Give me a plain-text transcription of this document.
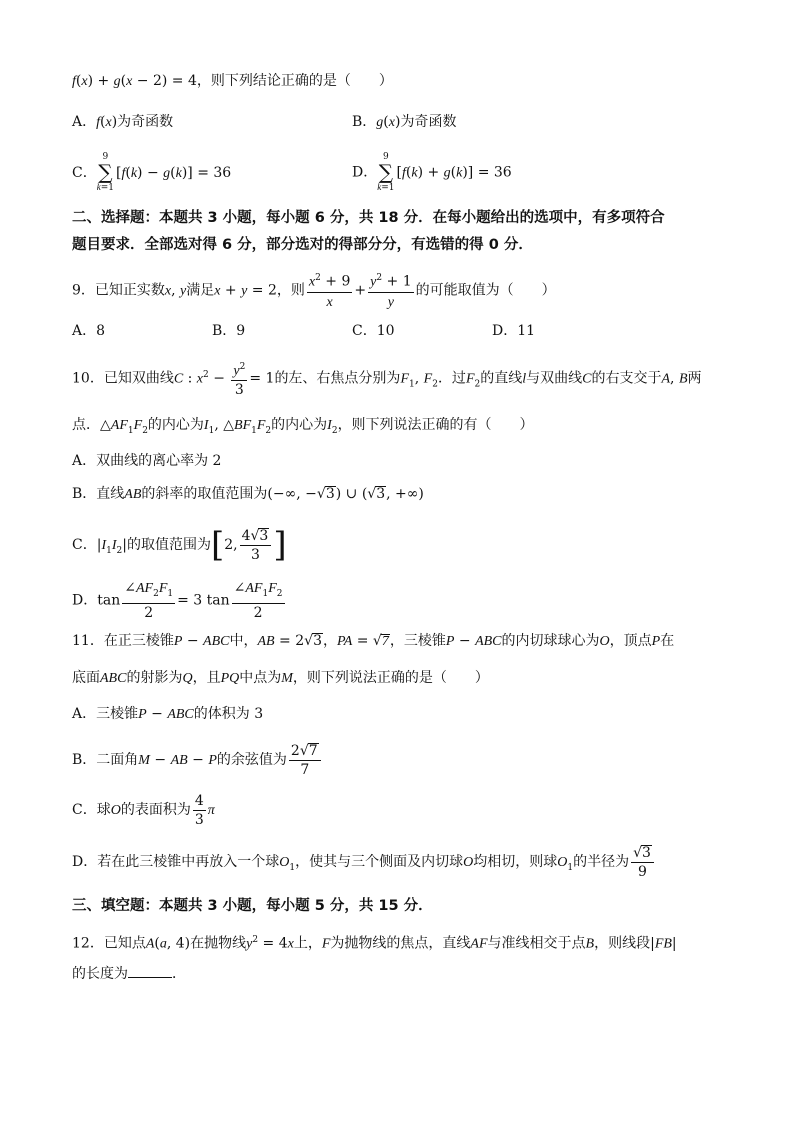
f(x) + g(x − 2) = 4，则下列结论正确的是（　　）
A．f(x)为奇函数	B．g(x)为奇函数
C．9
∑
k=1[f(k) − g(k)] = 36	D．9
∑
k=1[f(k) + g(k)] = 36
二、选择题：本题共 3 小题，每小题 6 分，共 18 分．在每小题给出的选项中，有多项符合
题目要求．全部选对得 6 分，部分选对的得部分分，有选错的得 0 分．
9．已知正实数x, y满足x + y = 2，则 $\frac{x^2 + 9}{x} + \frac{y^2 + 1}{y}$ 的可能取值为（　　）
A．8	B．9	C．10	D．11
10．已知双曲线C : $x^2 - \frac{y^2}{3} = 1$的左、右焦点分别为$F_1$, $F_2$．过$F_2$的直线l与双曲线C的右支交于A, B两
点．$\triangle AF_1F_2$的内心为$I_1$, $\triangle BF_1F_2$的内心为$I_2$，则下列说法正确的有（　　）
A．双曲线的离心率为 2
B．直线AB的斜率的取值范围为(−∞, −√3) ∪ (√3, +∞)
C．$|I_1I_2|$的取值范围为[2, $\frac{4√3}{3}$ ]
D．$\tan \frac{\angle AF_2F_1}{2} = 3$ $\tan \frac{\angle AF_1F_2}{2}$
11．在正三棱锥P − ABC中，AB = 2√3，PA = √7，三棱锥P − ABC的内切球球心为O，顶点P在
底面ABC的射影为Q，且PQ中点为M，则下列说法正确的是（　　）
A．三棱锥P − ABC的体积为 3
B．二面角M − AB − P的余弦值为 $\frac{2√7}{7}$
C．球O的表面积为 $\frac{4}{3}$ π
D．若在此三棱锥中再放入一个球$O_1$，使其与三个侧面及内切球O均相切，则球$O_1$的半径为 $\frac{√3}{9}$
三、填空题：本题共 3 小题，每小题 5 分，共 15 分．
12．已知点A(a, 4)在抛物线$y^2 = 4x$上，F为抛物线的焦点，直线AF与准线相交于点B，则线段|FB|
的长度为	．
